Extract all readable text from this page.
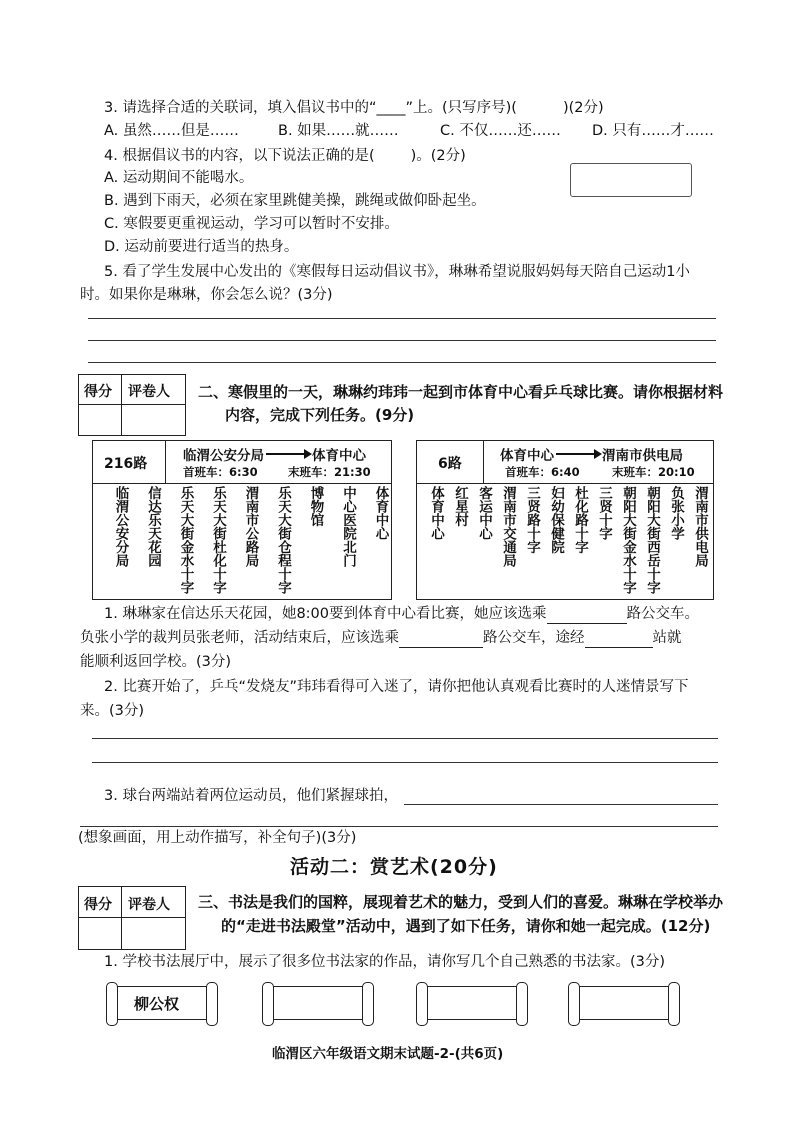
3. 请选择合适的关联词，填入倡议书中的“____”上。(只写序号)(	)(2分)
A. 虽然……但是……	B. 如果……就……	C. 不仅……还…… D. 只有……才……
4. 根据倡议书的内容，以下说法正确的是( )。(2分)
A. 运动期间不能喝水。
B. 遇到下雨天，必须在家里跳健美操，跳绳或做仰卧起坐。
C. 寒假要更重视运动，学习可以暂时不安排。
D. 运动前要进行适当的热身。
5. 看了学生发展中心发出的《寒假每日运动倡议书》，琳琳希望说服妈妈每天陪自己运动1小
时。如果你是琳琳，你会怎么说？(3分)
得分 评卷人 二、寒假里的一天，琳琳约玮玮一起到市体育中心看乒乓球比赛。请你根据材料
内容，完成下列任务。(9分)
216路	临渭公安分局	体育中心
首班车：6:30	末班车：21:30
临渭公安分局	信达乐天花园	乐天大街金水十字	乐天大街杜化十字	渭南市公路局	乐天大街仓程十字	博物馆	中心医院北门	体育中心
6路	体育中心	渭南市供电局
首班车：6:40	末班车：20:10
体育中心 红星村 客运中心 渭南市交通局 三贤路十字 妇幼保健院 杜化路十字 三贤十字 朝阳大街金水十字 朝阳大街西岳十字 负张小学 渭南市供电局
1. 琳琳家在信达乐天花园，她8:00要到体育中心看比赛，她应该选乘	路公交车。
负张小学的裁判员张老师，活动结束后，应该选乘	路公交车，途经	站就
能顺利返回学校。(3分)
2. 比赛开始了，乒乓“发烧友”玮玮看得可入迷了，请你把他认真观看比赛时的人迷情景写下
来。(3分)
3. 球台两端站着两位运动员，他们紧握球拍，
(想象画面，用上动作描写，补全句子)(3分)
活动二：赏艺术(20分)
得分 评卷人 三、书法是我们的国粹，展现着艺术的魅力，受到人们的喜爱。琳琳在学校举办
的“走进书法殿堂”活动中，遇到了如下任务，请你和她一起完成。(12分)
1. 学校书法展厅中，展示了很多位书法家的作品，请你写几个自己熟悉的书法家。(3分)
柳公权
临渭区六年级语文期末试题-2-(共6页)
